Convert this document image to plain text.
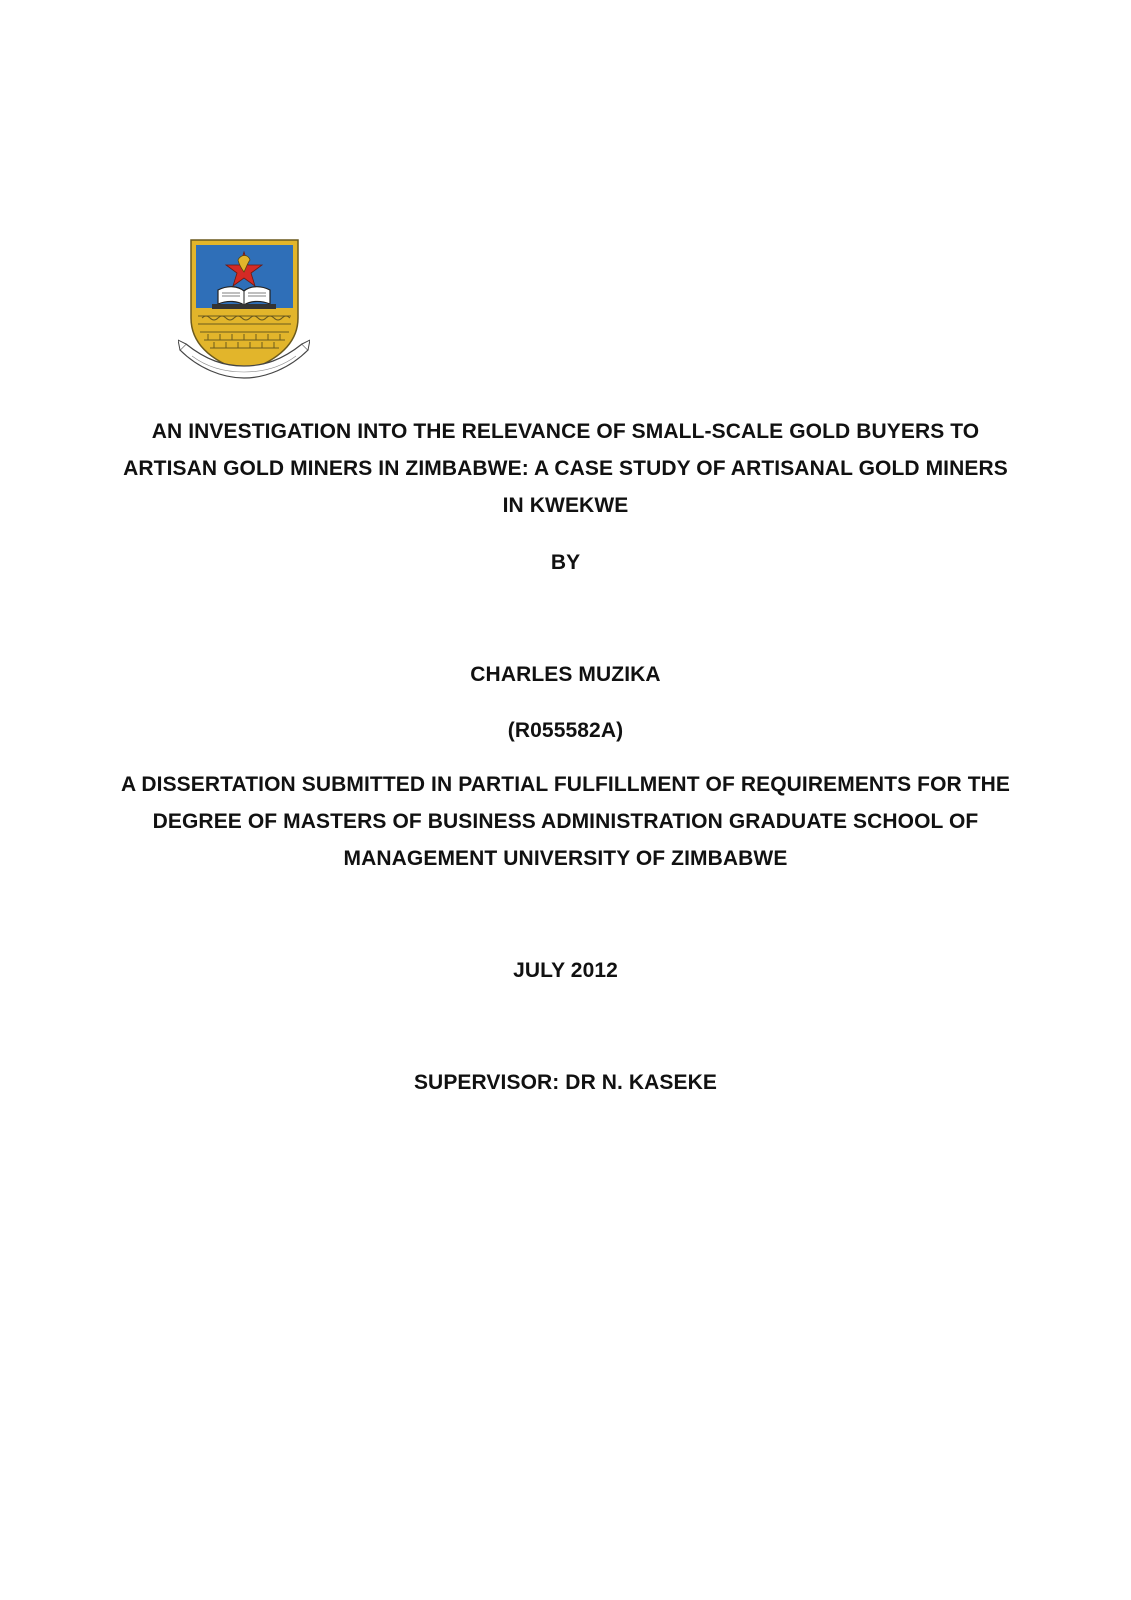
AN INVESTIGATION INTO THE RELEVANCE OF SMALL-SCALE GOLD BUYERS TO
ARTISAN GOLD MINERS IN ZIMBABWE: A CASE STUDY OF ARTISANAL GOLD MINERS
IN KWEKWE
BY
CHARLES MUZIKA
(R055582A)
A DISSERTATION SUBMITTED IN PARTIAL FULFILLMENT OF REQUIREMENTS FOR THE
DEGREE OF MASTERS OF BUSINESS ADMINISTRATION GRADUATE SCHOOL OF
MANAGEMENT UNIVERSITY OF ZIMBABWE
JULY 2012
SUPERVISOR: DR N. KASEKE
